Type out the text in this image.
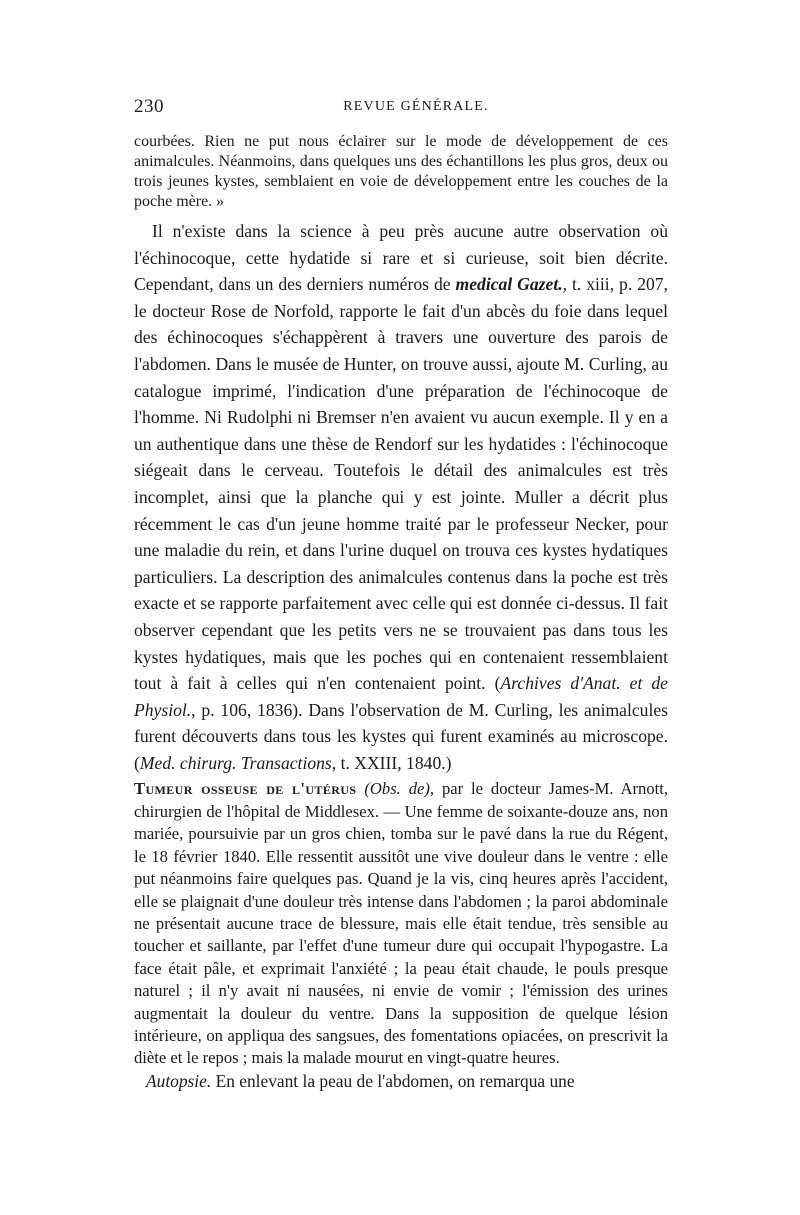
230	REVUE GÉNÉRALE.

courbées. Rien ne put nous éclairer sur le mode de développement de ces animalcules. Néanmoins, dans quelques uns des échantillons les plus gros, deux ou trois jeunes kystes, semblaient en voie de développement entre les couches de la poche mère. »

Il n'existe dans la science à peu près aucune autre observation où l'échinocoque, cette hydatide si rare et si curieuse, soit bien décrite. Cependant, dans un des derniers numéros de medical Gazet., t. xiii, p. 207, le docteur Rose de Norfold, rapporte le fait d'un abcès du foie dans lequel des échinocoques s'échappèrent à travers une ouverture des parois de l'abdomen. Dans le musée de Hunter, on trouve aussi, ajoute M. Curling, au catalogue imprimé, l'indication d'une préparation de l'échinocoque de l'homme. Ni Rudolphi ni Bremser n'en avaient vu aucun exemple. Il y en a un authentique dans une thèse de Rendorf sur les hydatides : l'échinocoque siégeait dans le cerveau. Toutefois le détail des animalcules est très incomplet, ainsi que la planche qui y est jointe. Muller a décrit plus récemment le cas d'un jeune homme traité par le professeur Necker, pour une maladie du rein, et dans l'urine duquel on trouva ces kystes hydatiques particuliers. La description des animalcules contenus dans la poche est très exacte et se rapporte parfaitement avec celle qui est donnée ci-dessus. Il fait observer cependant que les petits vers ne se trouvaient pas dans tous les kystes hydatiques, mais que les poches qui en contenaient ressemblaient tout à fait à celles qui n'en contenaient point. (Archives d'Anat. et de Physiol., p. 106, 1836). Dans l'observation de M. Curling, les animalcules furent découverts dans tous les kystes qui furent examinés au microscope. (Med. chirurg. Transactions, t. XXIII, 1840.)

Tumeur osseuse de l'utérus (Obs. de), par le docteur James-M. Arnott, chirurgien de l'hôpital de Middlesex. — Une femme de soixante-douze ans, non mariée, poursuivie par un gros chien, tomba sur le pavé dans la rue du Régent, le 18 février 1840. Elle ressentit aussitôt une vive douleur dans le ventre : elle put néanmoins faire quelques pas. Quand je la vis, cinq heures après l'accident, elle se plaignait d'une douleur très intense dans l'abdomen ; la paroi abdominale ne présentait aucune trace de blessure, mais elle était tendue, très sensible au toucher et saillante, par l'effet d'une tumeur dure qui occupait l'hypogastre. La face était pâle, et exprimait l'anxiété ; la peau était chaude, le pouls presque naturel ; il n'y avait ni nausées, ni envie de vomir ; l'émission des urines augmentait la douleur du ventre. Dans la supposition de quelque lésion intérieure, on appliqua des sangsues, des fomentations opiacées, on prescrivit la diète et le repos ; mais la malade mourut en vingt-quatre heures.

Autopsie. En enlevant la peau de l'abdomen, on remarqua une
